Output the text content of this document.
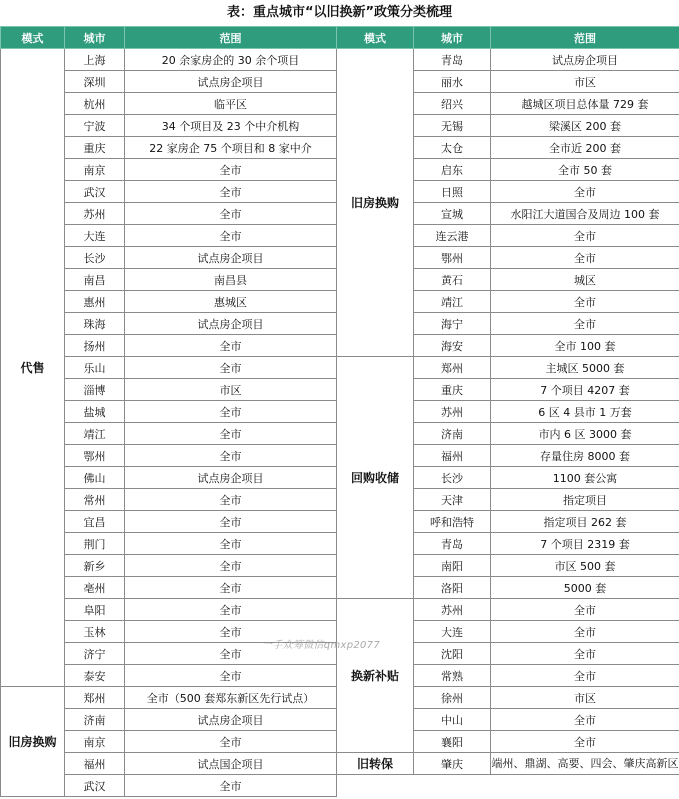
表：重点城市“以旧换新”政策分类梳理
模式	城市	范围	模式	城市	范围
代售	上海	20 余家房企的 30 余个项目	旧房换购	青岛	试点房企项目
	深圳	试点房企项目		丽水	市区
	杭州	临平区		绍兴	越城区项目总体量 729 套
	宁波	34 个项目及 23 个中介机构		无锡	梁溪区 200 套
	重庆	22 家房企 75 个项目和 8 家中介		太仓	全市近 200 套
	南京	全市		启东	全市 50 套
	武汉	全市		日照	全市
	苏州	全市		宣城	水阳江大道国合及周边 100 套
	大连	全市		连云港	全市
	长沙	试点房企项目		鄂州	全市
	南昌	南昌县		黄石	城区
	惠州	惠城区		靖江	全市
	珠海	试点房企项目		海宁	全市
	扬州	全市		海安	全市 100 套
	乐山	全市	回购收储	郑州	主城区 5000 套
	淄博	市区		重庆	7 个项目 4207 套
	盐城	全市		苏州	6 区 4 县市 1 万套
	靖江	全市		济南	市内 6 区 3000 套
	鄂州	全市		福州	存量住房 8000 套
	佛山	试点房企项目		长沙	1100 套公寓
	常州	全市		天津	指定项目
	宜昌	全市		呼和浩特	指定项目 262 套
	荆门	全市		青岛	7 个项目 2319 套
	新乡	全市		南阳	市区 500 套
	亳州	全市		洛阳	5000 套
	阜阳	全市	换新补贴	苏州	全市
	玉林	全市		大连	全市
	济宁	全市		沈阳	全市
	泰安	全市		常熟	全市
旧房换购	郑州	全市（500 套郑东新区先行试点）		徐州	市区
	济南	试点房企项目		中山	全市
	南京	全市		襄阳	全市
	福州	试点国企项目	旧转保	肇庆	端州、鼎湖、高要、四会、肇庆高新区
	武汉	全市			
一手众筹微信qmxp2077
